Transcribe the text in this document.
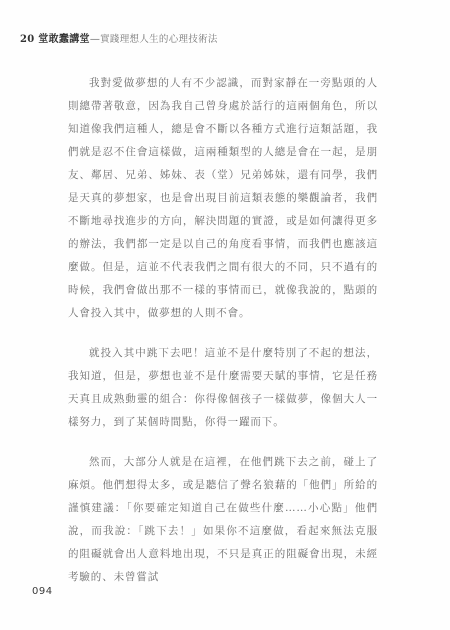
20 堂敢蠢講堂—實踐理想人生的心理技術法

我對愛做夢想的人有不少認識，而對家靜在一旁點頭的人則總帶著敬意，因為我自己曾身處於話行的這兩個角色，所以知道像我們這種人，總是會不斷以各種方式進行這類話題，我們就是忍不住會這樣做，這兩種類型的人總是會在一起，是朋友、鄰居、兄弟、姊妹、表（堂）兄弟姊妹，還有同學，我們是天真的夢想家，也是會出現目前這類表態的樂觀論者，我們不斷地尋找進步的方向，解決問題的實證，或是如何讓得更多的辦法，我們都一定是以自己的角度看事情，而我們也應該這麼做。但是，這並不代表我們之間有很大的不同，只不過有的時候，我們會做出那不一樣的事情而已，就像我說的，點頭的人會投入其中，做夢想的人則不會。

就投入其中跳下去吧！這並不是什麼特別了不起的想法，我知道，但是，夢想也並不是什麼需要天賦的事情，它是任務天真且成熟動靈的組合：你得像個孩子一樣做夢，像個大人一樣努力，到了某個時間點，你得一躍而下。

然而，大部分人就是在這裡，在他們跳下去之前，碰上了麻煩。他們想得太多，或是聽信了聲名狼藉的「他們」所給的謹慎建議：「你要確定知道自己在做些什麼……小心點」他們說，而我說：「跳下去！」如果你不這麼做，看起來無法克服的阻礙就會出人意料地出現，不只是真正的阻礙會出現，未經考驗的、未曾嘗試

094
